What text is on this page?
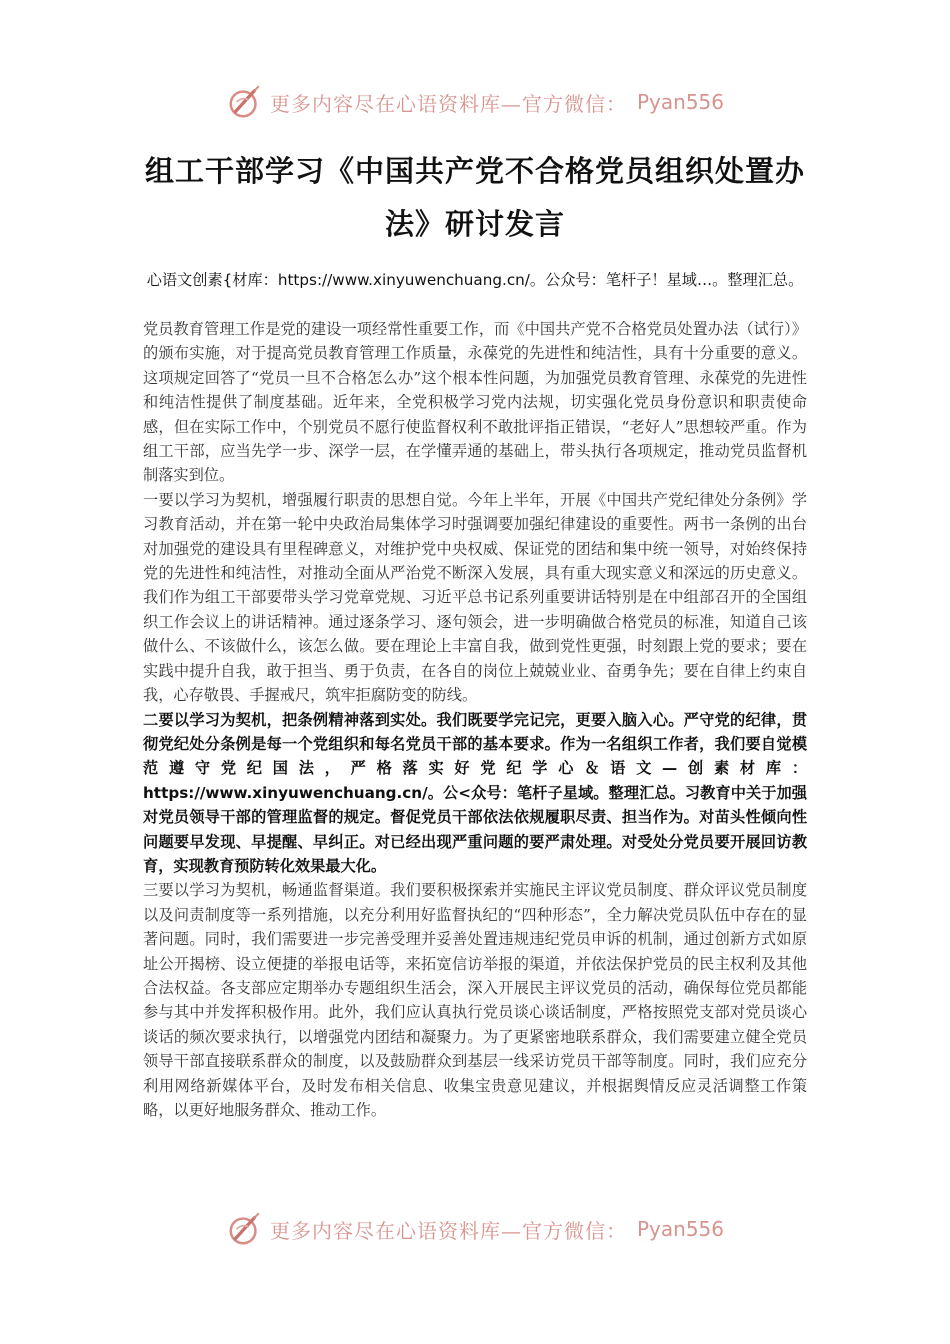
更多内容尽在心语资料库—官方微信： Pyan556
组工干部学习《中国共产党不合格党员组织处置办法》研讨发言
心语文创素{材库：https://www.xinyuwenchuang.cn/。公众号：笔杆子！星域…。整理汇总。

党员教育管理工作是党的建设一项经常性重要工作，而《中国共产党不合格党员处置办法（试行）》的颁布实施，对于提高党员教育管理工作质量，永葆党的先进性和纯洁性，具有十分重要的意义。这项规定回答了“党员一旦不合格怎么办”这个根本性问题，为加强党员教育管理、永葆党的先进性和纯洁性提供了制度基础。近年来，全党积极学习党内法规，切实强化党员身份意识和职责使命感，但在实际工作中，个别党员不愿行使监督权利不敢批评指正错误，“老好人”思想较严重。作为组工干部，应当先学一步、深学一层，在学懂弄通的基础上，带头执行各项规定，推动党员监督机制落实到位。

一要以学习为契机，增强履行职责的思想自觉。今年上半年，开展《中国共产党纪律处分条例》学习教育活动，并在第一轮中央政治局集体学习时强调要加强纪律建设的重要性。两书一条例的出台对加强党的建设具有里程碑意义，对维护党中央权威、保证党的团结和集中统一领导，对始终保持党的先进性和纯洁性，对推动全面从严治党不断深入发展，具有重大现实意义和深远的历史意义。我们作为组工干部要带头学习党章党规、习近平总书记系列重要讲话特别是在中组部召开的全国组织工作会议上的讲话精神。通过逐条学习、逐句领会，进一步明确做合格党员的标准，知道自己该做什么、不该做什么，该怎么做。要在理论上丰富自我，做到党性更强，时刻跟上党的要求；要在实践中提升自我，敢于担当、勇于负责，在各自的岗位上兢兢业业、奋勇争先；要在自律上约束自我，心存敬畏、手握戒尺，筑牢拒腐防变的防线。

二要以学习为契机，把条例精神落到实处。我们既要学完记完，更要入脑入心。严守党的纪律，贯彻党纪处分条例是每一个党组织和每名党员干部的基本要求。作为一名组织工作者，我们要自觉模范遵守党纪国法，严格落实好党纪学心＆语文—创素材库：https://www.xinyuwenchuang.cn/。公<众号：笔杆子星域。整理汇总。习教育中关于加强对党员领导干部的管理监督的规定。督促党员干部依法依规履职尽责、担当作为。对苗头性倾向性问题要早发现、早提醒、早纠正。对已经出现严重问题的要严肃处理。对受处分党员要开展回访教育，实现教育预防转化效果最大化。

三要以学习为契机，畅通监督渠道。我们要积极探索并实施民主评议党员制度、群众评议党员制度以及问责制度等一系列措施，以充分利用好监督执纪的“四种形态”，全力解决党员队伍中存在的显著问题。同时，我们需要进一步完善受理并妥善处置违规违纪党员申诉的机制，通过创新方式如原址公开揭榜、设立便捷的举报电话等，来拓宽信访举报的渠道，并依法保护党员的民主权利及其他合法权益。各支部应定期举办专题组织生活会，深入开展民主评议党员的活动，确保每位党员都能参与其中并发挥积极作用。此外，我们应认真执行党员谈心谈话制度，严格按照党支部对党员谈心谈话的频次要求执行，以增强党内团结和凝聚力。为了更紧密地联系群众，我们需要建立健全党员领导干部直接联系群众的制度，以及鼓励群众到基层一线采访党员干部等制度。同时，我们应充分利用网络新媒体平台，及时发布相关信息、收集宝贵意见建议，并根据舆情反应灵活调整工作策略，以更好地服务群众、推动工作。

更多内容尽在心语资料库—官方微信： Pyan556
